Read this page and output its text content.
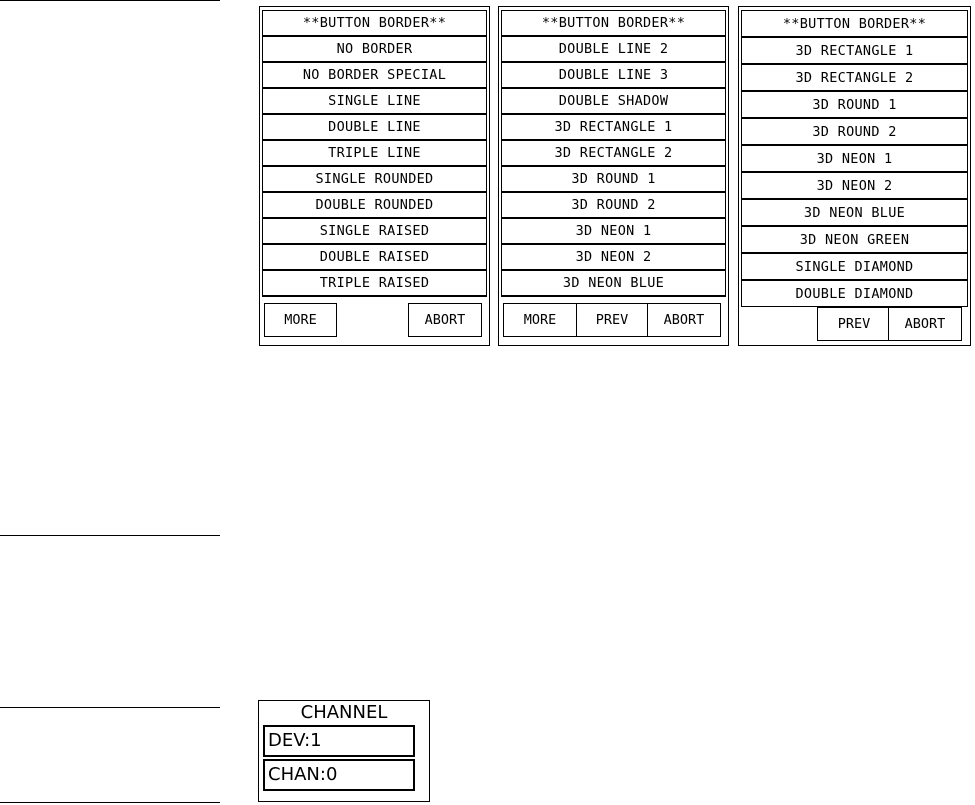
**BUTTON BORDER**
NO BORDER
NO BORDER SPECIAL
SINGLE LINE
DOUBLE LINE
TRIPLE LINE
SINGLE ROUNDED
DOUBLE ROUNDED
SINGLE RAISED
DOUBLE RAISED
TRIPLE RAISED
MORE	ABORT
**BUTTON BORDER**
DOUBLE LINE 2
DOUBLE LINE 3
DOUBLE SHADOW
3D RECTANGLE 1
3D RECTANGLE 2
3D ROUND 1
3D ROUND 2
3D NEON 1
3D NEON 2
3D NEON BLUE
MORE	PREV	ABORT
**BUTTON BORDER**
3D RECTANGLE 1
3D RECTANGLE 2
3D ROUND 1
3D ROUND 2
3D NEON 1
3D NEON 2
3D NEON BLUE
3D NEON GREEN
SINGLE DIAMOND
DOUBLE DIAMOND
PREV	ABORT
CHANNEL
DEV:1
CHAN:0
